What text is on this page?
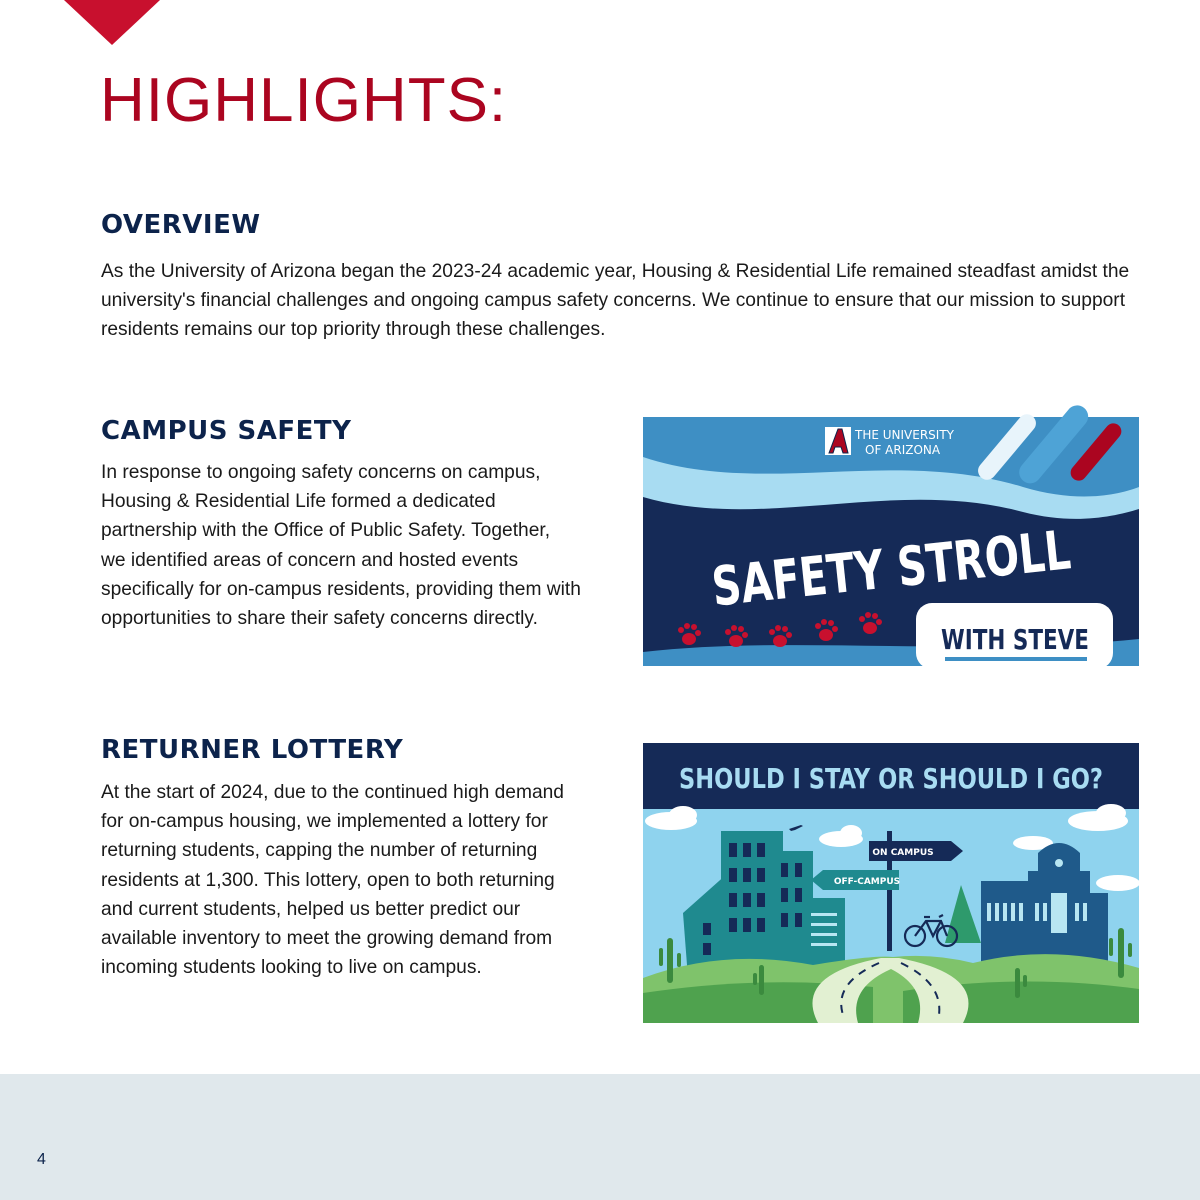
HIGHLIGHTS:
OVERVIEW

As the University of Arizona began the 2023-24 academic year, Housing & Residential Life remained steadfast amidst the
university's financial challenges and ongoing campus safety concerns. We continue to ensure that our mission to support
residents remains our top priority through these challenges.

CAMPUS SAFETY

In response to ongoing safety concerns on campus,
Housing & Residential Life formed a dedicated
partnership with the Office of Public Safety. Together,
we identified areas of concern and hosted events
specifically for on-campus residents, providing them with
opportunities to share their safety concerns directly.

THE UNIVERSITY
OF ARIZONA
SAFETY STROLL
WITH STEVE
RETURNER LOTTERY

At the start of 2024, due to the continued high demand
for on-campus housing, we implemented a lottery for
returning students, capping the number of returning
residents at 1,300. This lottery, open to both returning
and current students, helped us better predict our
available inventory to meet the growing demand from
incoming students looking to live on campus.

SHOULD I STAY OR SHOULD I GO?
ON CAMPUS
OFF-CAMPUS
4
